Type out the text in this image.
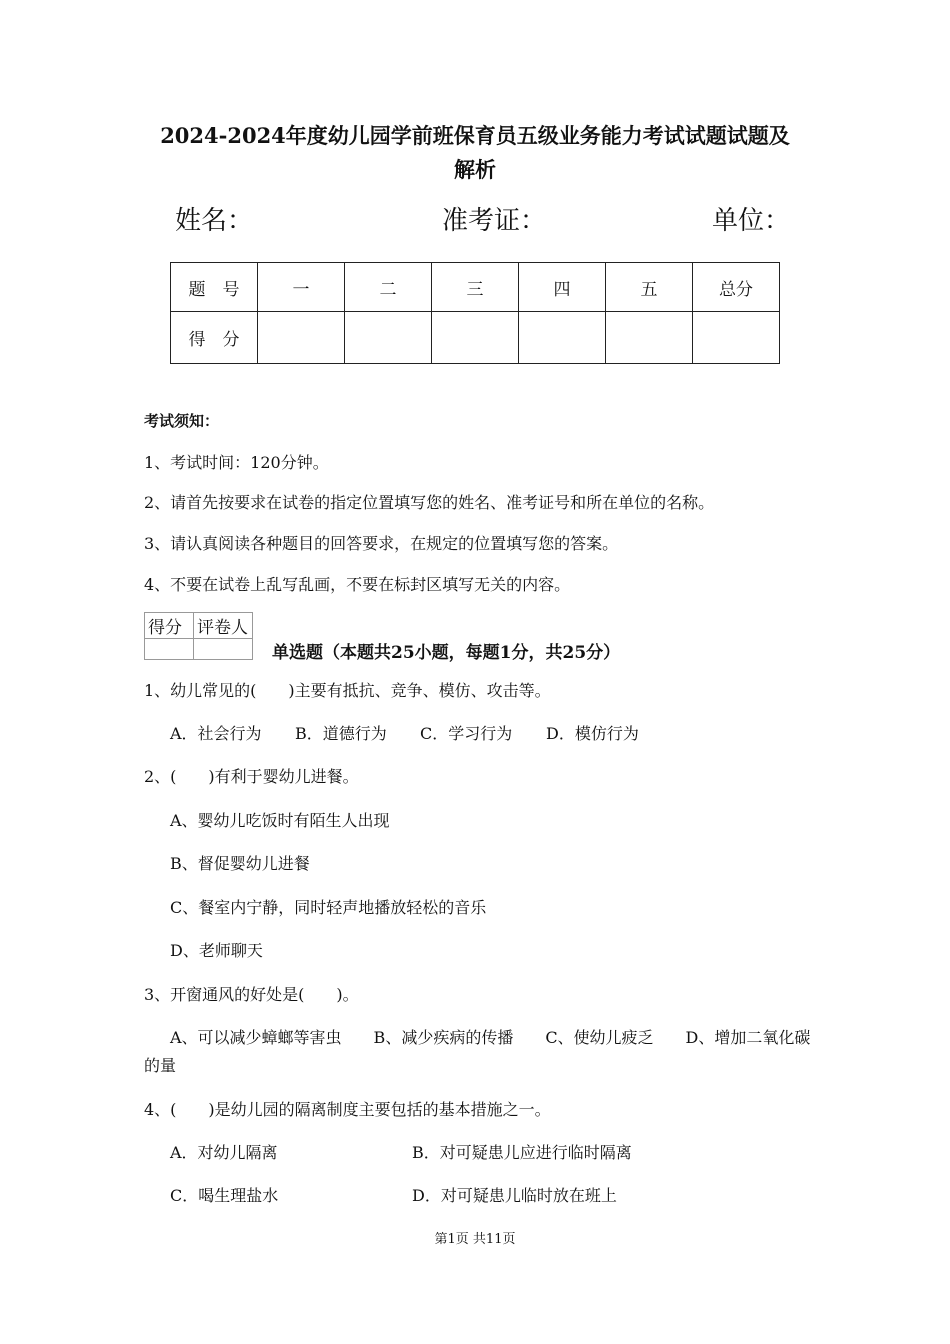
2024-2024年度幼儿园学前班保育员五级业务能力考试试题试题及
解析
姓名：	准考证：	单位：
题　号	一	二	三	四	五	总分
得　分						
考试须知：
1、考试时间：120分钟。
2、请首先按要求在试卷的指定位置填写您的姓名、准考证号和所在单位的名称。
3、请认真阅读各种题目的回答要求，在规定的位置填写您的答案。
4、不要在试卷上乱写乱画，不要在标封区填写无关的内容。
得分	评卷人

单选题（本题共25小题，每题1分，共25分）
1、幼儿常见的(　　)主要有抵抗、竞争、模仿、攻击等。
A．社会行为 B．道德行为 C．学习行为 D．模仿行为
2、(　　)有利于婴幼儿进餐。
A、婴幼儿吃饭时有陌生人出现
B、督促婴幼儿进餐
C、餐室内宁静，同时轻声地播放轻松的音乐
D、老师聊天
3、开窗通风的好处是(　　)。
A、可以减少蟑螂等害虫　　B、减少疾病的传播　　C、使幼儿疲乏　　D、增加二氧化碳
的量
4、(　　)是幼儿园的隔离制度主要包括的基本措施之一。
A．对幼儿隔离	B．对可疑患儿应进行临时隔离
C．喝生理盐水	D．对可疑患儿临时放在班上
第1页 共11页
